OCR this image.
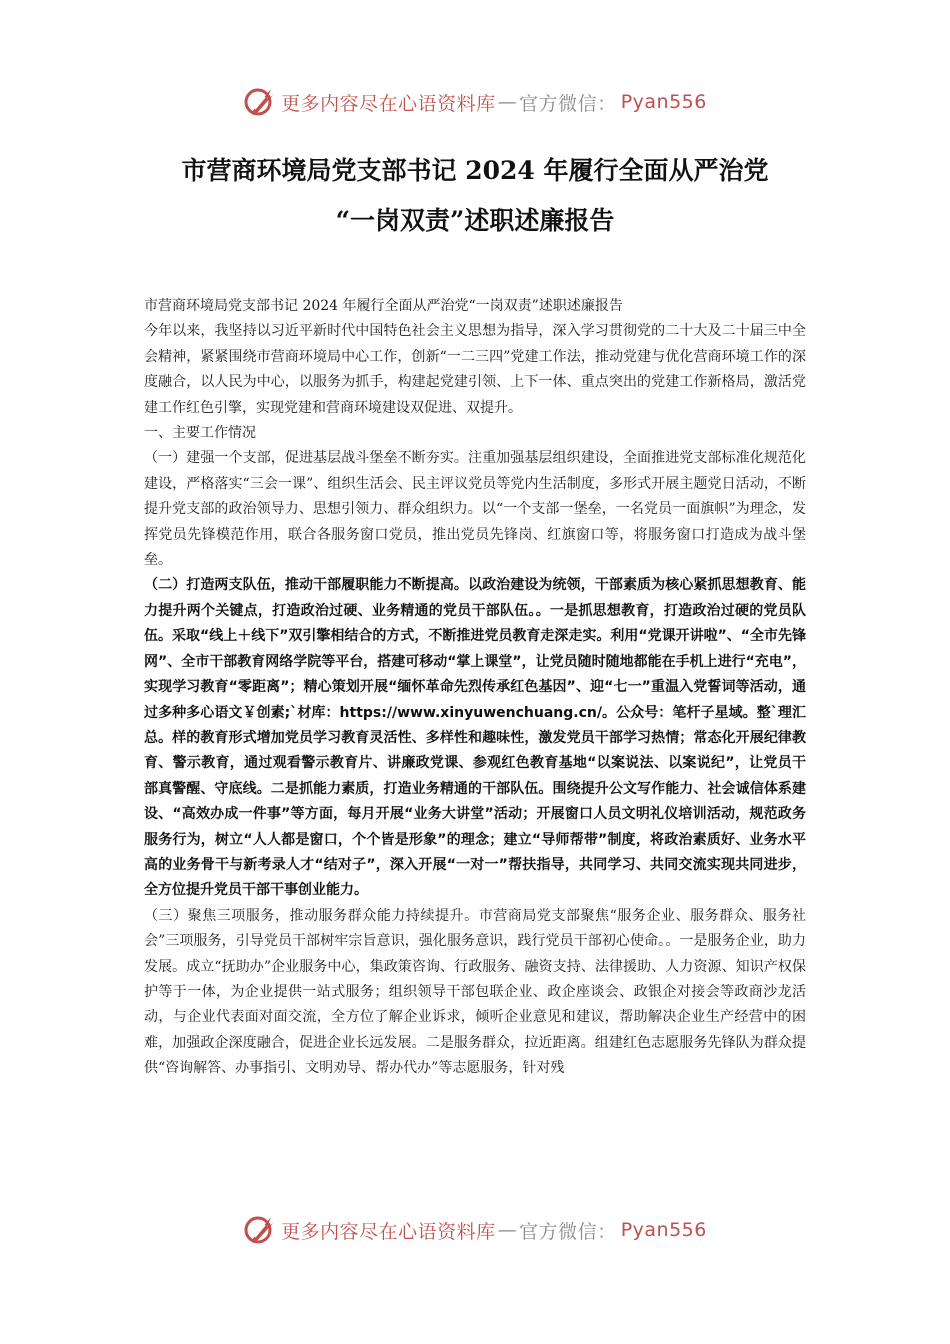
更多内容尽在心语资料库 — 官方微信： Pyan556
市营商环境局党支部书记 2024 年履行全面从严治党
“一岗双责”述职述廉报告

市营商环境局党支部书记 2024 年履行全面从严治党“一岗双责”述职述廉报告

今年以来，我坚持以习近平新时代中国特色社会主义思想为指导，深入学习贯彻党的二十大及二十届三中全会精神，紧紧围绕市营商环境局中心工作，创新“一二三四”党建工作法，推动党建与优化营商环境工作的深度融合，以人民为中心，以服务为抓手，构建起党建引领、上下一体、重点突出的党建工作新格局，激活党建工作红色引擎，实现党建和营商环境建设双促进、双提升。

一、主要工作情况

（一）建强一个支部，促进基层战斗堡垒不断夯实。注重加强基层组织建设，全面推进党支部标准化规范化建设，严格落实“三会一课”、组织生活会、民主评议党员等党内生活制度，多形式开展主题党日活动，不断提升党支部的政治领导力、思想引领力、群众组织力。以“一个支部一堡垒，一名党员一面旗帜”为理念，发挥党员先锋模范作用，联合各服务窗口党员，推出党员先锋岗、红旗窗口等，将服务窗口打造成为战斗堡垒。

（二）打造两支队伍，推动干部履职能力不断提高。以政治建设为统领，干部素质为核心紧抓思想教育、能力提升两个关键点，打造政治过硬、业务精通的党员干部队伍。。一是抓思想教育，打造政治过硬的党员队伍。采取“线上＋线下”双引擎相结合的方式，不断推进党员教育走深走实。利用“党课开讲啦”、“全市先锋网”、全市干部教育网络学院等平台，搭建可移动“掌上课堂”，让党员随时随地都能在手机上进行“充电”，实现学习教育“零距离”；精心策划开展“缅怀革命先烈传承红色基因”、迎“七一”重温入党誓词等活动，通过多种多心语文￥创素;`材库：https://www.xinyuwenchuang.cn/。公众号：笔杆子星域。整`理汇总。样的教育形式增加党员学习教育灵活性、多样性和趣味性，激发党员干部学习热情；常态化开展纪律教育、警示教育，通过观看警示教育片、讲廉政党课、参观红色教育基地“以案说法、以案说纪”，让党员干部真警醒、守底线。二是抓能力素质，打造业务精通的干部队伍。围绕提升公文写作能力、社会诚信体系建设、“高效办成一件事”等方面，每月开展“业务大讲堂”活动；开展窗口人员文明礼仪培训活动，规范政务服务行为，树立“人人都是窗口，个个皆是形象”的理念；建立“导师帮带”制度，将政治素质好、业务水平高的业务骨干与新考录人才“结对子”，深入开展“一对一”帮扶指导，共同学习、共同交流实现共同进步，全方位提升党员干部干事创业能力。

（三）聚焦三项服务，推动服务群众能力持续提升。市营商局党支部聚焦“服务企业、服务群众、服务社会”三项服务，引导党员干部树牢宗旨意识，强化服务意识，践行党员干部初心使命。。一是服务企业，助力发展。成立“抚助办”企业服务中心，集政策咨询、行政服务、融资支持、法律援助、人力资源、知识产权保护等于一体，为企业提供一站式服务；组织领导干部包联企业、政企座谈会、政银企对接会等政商沙龙活动，与企业代表面对面交流，全方位了解企业诉求，倾听企业意见和建议，帮助解决企业生产经营中的困难，加强政企深度融合，促进企业长远发展。二是服务群众，拉近距离。组建红色志愿服务先锋队为群众提供“咨询解答、办事指引、文明劝导、帮办代办”等志愿服务，针对残

更多内容尽在心语资料库 — 官方微信： Pyan556
